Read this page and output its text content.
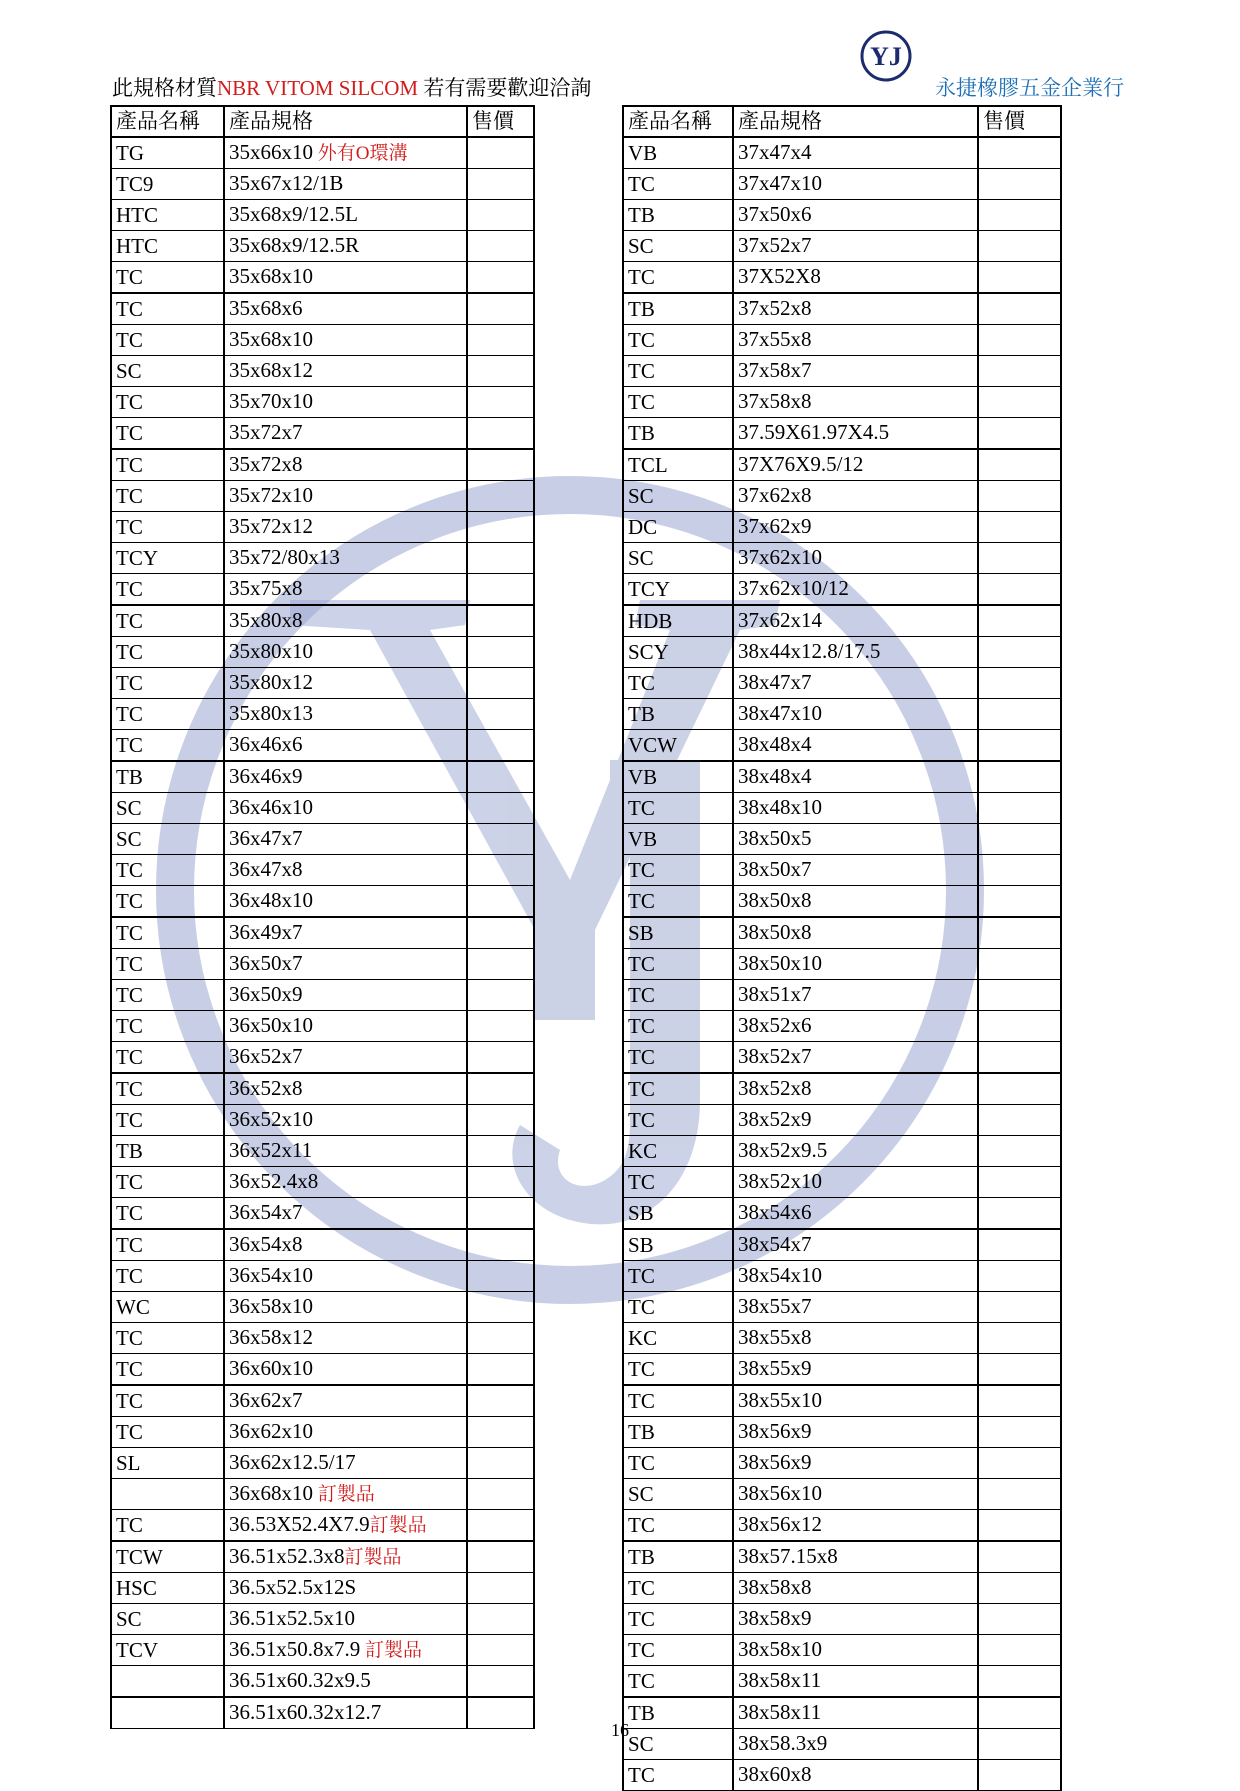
YJ
此規格材質NBR VITOM SILCOM 若有需要歡迎洽詢	永捷橡膠五金企業行
產品名稱	產品規格	售價
TG	35x66x10 外有O環溝	
TC9	35x67x12/1B	
HTC	35x68x9/12.5L	
HTC	35x68x9/12.5R	
TC	35x68x10	
TC	35x68x6	
TC	35x68x10	
SC	35x68x12	
TC	35x70x10	
TC	35x72x7	
TC	35x72x8	
TC	35x72x10	
TC	35x72x12	
TCY	35x72/80x13	
TC	35x75x8	
TC	35x80x8	
TC	35x80x10	
TC	35x80x12	
TC	35x80x13	
TC	36x46x6	
TB	36x46x9	
SC	36x46x10	
SC	36x47x7	
TC	36x47x8	
TC	36x48x10	
TC	36x49x7	
TC	36x50x7	
TC	36x50x9	
TC	36x50x10	
TC	36x52x7	
TC	36x52x8	
TC	36x52x10	
TB	36x52x11	
TC	36x52.4x8	
TC	36x54x7	
TC	36x54x8	
TC	36x54x10	
WC	36x58x10	
TC	36x58x12	
TC	36x60x10	
TC	36x62x7	
TC	36x62x10	
SL	36x62x12.5/17	
	36x68x10 訂製品	
TC	36.53X52.4X7.9訂製品	
TCW	36.51x52.3x8訂製品	
HSC	36.5x52.5x12S	
SC	36.51x52.5x10	
TCV	36.51x50.8x7.9 訂製品	
	36.51x60.32x9.5	
	36.51x60.32x12.7	
產品名稱	產品規格	售價
VB	37x47x4	
TC	37x47x10	
TB	37x50x6	
SC	37x52x7	
TC	37X52X8	
TB	37x52x8	
TC	37x55x8	
TC	37x58x7	
TC	37x58x8	
TB	37.59X61.97X4.5	
TCL	37X76X9.5/12	
SC	37x62x8	
DC	37x62x9	
SC	37x62x10	
TCY	37x62x10/12	
HDB	37x62x14	
SCY	38x44x12.8/17.5	
TC	38x47x7	
TB	38x47x10	
VCW	38x48x4	
VB	38x48x4	
TC	38x48x10	
VB	38x50x5	
TC	38x50x7	
TC	38x50x8	
SB	38x50x8	
TC	38x50x10	
TC	38x51x7	
TC	38x52x6	
TC	38x52x7	
TC	38x52x8	
TC	38x52x9	
KC	38x52x9.5	
TC	38x52x10	
SB	38x54x6	
SB	38x54x7	
TC	38x54x10	
TC	38x55x7	
KC	38x55x8	
TC	38x55x9	
TC	38x55x10	
TB	38x56x9	
TC	38x56x9	
SC	38x56x10	
TC	38x56x12	
TB	38x57.15x8	
TC	38x58x8	
TC	38x58x9	
TC	38x58x10	
TC	38x58x11	
TB	38x58x11	
SC	38x58.3x9	
TC	38x60x8	
16
